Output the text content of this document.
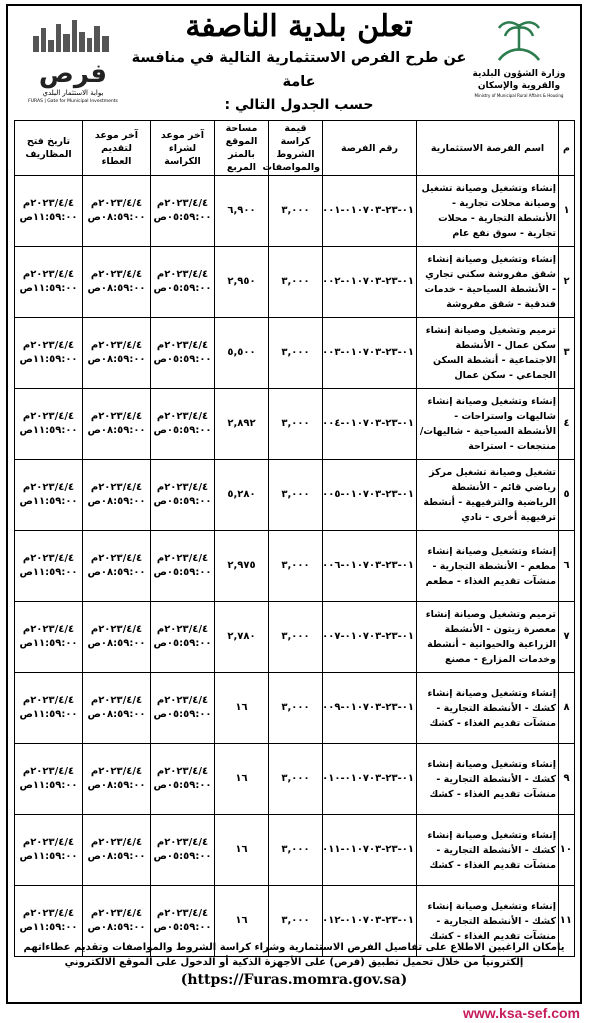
فرص
بوابة الاستثمار البلدي
FURAS | Gate for Municipal Investments
تعلن بلدية الناصفة
عن طرح الفرص الاستثمارية التالية في منافسة عامة
حسب الجدول التالي :
وزارة الشؤون البلدية والقروية والإسكان
Ministry of Municipal Rural Affairs & Housing
م	اسم الفرصة الاستثمارية	رقم الفرصة	قيمة كراسة الشروط والمواصفات	مساحة الموقع بالمتر المربع	آخر موعد لشراء الكراسة	آخر موعد لتقديم العطاء	تاريخ فتح المظاريف
١	إنشاء وتشغيل وصيانة تشغيل وصيانة محلات تجارية - الأنشطة التجارية - محلات تجارية - سوق نفع عام	٠١-٢٣-٠١٠٧٠٣-٠٠١	٣,٠٠٠	٦,٩٠٠	٢٠٢٣/٤/٤م ٠٥:٥٩:٠٠ص	٢٠٢٣/٤/٤م ٠٨:٥٩:٠٠ص	٢٠٢٣/٤/٤م ١١:٥٩:٠٠ص
٢	إنشاء وتشغيل وصيانة إنشاء شقق مفروشة سكني تجاري - الأنشطة السياحية - خدمات فندقية - شقق مفروشة	٠١-٢٣-٠١٠٧٠٣-٠٠٢	٣,٠٠٠	٢,٩٥٠	٢٠٢٣/٤/٤م ٠٥:٥٩:٠٠ص	٢٠٢٣/٤/٤م ٠٨:٥٩:٠٠ص	٢٠٢٣/٤/٤م ١١:٥٩:٠٠ص
٣	ترميم وتشغيل وصيانة إنشاء سكن عمال - الأنشطة الاجتماعية - أنشطة السكن الجماعي - سكن عمال	٠١-٢٣-٠١٠٧٠٣-٠٠٣	٣,٠٠٠	٥,٥٠٠	٢٠٢٣/٤/٤م ٠٥:٥٩:٠٠ص	٢٠٢٣/٤/٤م ٠٨:٥٩:٠٠ص	٢٠٢٣/٤/٤م ١١:٥٩:٠٠ص
٤	إنشاء وتشغيل وصيانة إنشاء شاليهات واستراحات - الأنشطة السياحية - شاليهات/ منتجعات - استراحة	٠١-٢٣-٠١٠٧٠٣-٠٠٤	٣,٠٠٠	٢,٨٩٢	٢٠٢٣/٤/٤م ٠٥:٥٩:٠٠ص	٢٠٢٣/٤/٤م ٠٨:٥٩:٠٠ص	٢٠٢٣/٤/٤م ١١:٥٩:٠٠ص
٥	تشغيل وصيانة تشغيل مركز رياضي قائم - الأنشطة الرياضية والترفيهية - أنشطة ترفيهية أخرى - نادي	٠١-٢٣-٠١٠٧٠٣-٠٠٥	٣,٠٠٠	٥,٢٨٠	٢٠٢٣/٤/٤م ٠٥:٥٩:٠٠ص	٢٠٢٣/٤/٤م ٠٨:٥٩:٠٠ص	٢٠٢٣/٤/٤م ١١:٥٩:٠٠ص
٦	إنشاء وتشغيل وصيانة إنشاء مطعم - الأنشطة التجارية - منشآت تقديم الغذاء - مطعم	٠١-٢٣-٠١٠٧٠٣-٠٠٦	٣,٠٠٠	٢,٩٧٥	٢٠٢٣/٤/٤م ٠٥:٥٩:٠٠ص	٢٠٢٣/٤/٤م ٠٨:٥٩:٠٠ص	٢٠٢٣/٤/٤م ١١:٥٩:٠٠ص
٧	ترميم وتشغيل وصيانة إنشاء معصرة زيتون - الأنشطة الزراعية والحيوانية - أنشطة وخدمات المزارع - مصنع	٠١-٢٣-٠١٠٧٠٣-٠٠٧	٣,٠٠٠	٢,٧٨٠	٢٠٢٣/٤/٤م ٠٥:٥٩:٠٠ص	٢٠٢٣/٤/٤م ٠٨:٥٩:٠٠ص	٢٠٢٣/٤/٤م ١١:٥٩:٠٠ص
٨	إنشاء وتشغيل وصيانة إنشاء كشك - الأنشطة التجارية - منشآت تقديم الغذاء - كشك	٠١-٢٣-٠١٠٧٠٣-٠٠٩	٣,٠٠٠	١٦	٢٠٢٣/٤/٤م ٠٥:٥٩:٠٠ص	٢٠٢٣/٤/٤م ٠٨:٥٩:٠٠ص	٢٠٢٣/٤/٤م ١١:٥٩:٠٠ص
٩	إنشاء وتشغيل وصيانة إنشاء كشك - الأنشطة التجارية - منشآت تقديم الغذاء - كشك	٠١-٢٣-٠١٠٧٠٣-٠١٠	٣,٠٠٠	١٦	٢٠٢٣/٤/٤م ٠٥:٥٩:٠٠ص	٢٠٢٣/٤/٤م ٠٨:٥٩:٠٠ص	٢٠٢٣/٤/٤م ١١:٥٩:٠٠ص
١٠	إنشاء وتشغيل وصيانة إنشاء كشك - الأنشطة التجارية - منشآت تقديم الغذاء - كشك	٠١-٢٣-٠١٠٧٠٣-٠١١	٣,٠٠٠	١٦	٢٠٢٣/٤/٤م ٠٥:٥٩:٠٠ص	٢٠٢٣/٤/٤م ٠٨:٥٩:٠٠ص	٢٠٢٣/٤/٤م ١١:٥٩:٠٠ص
١١	إنشاء وتشغيل وصيانة إنشاء كشك - الأنشطة التجارية - منشآت تقديم الغذاء - كشك	٠١-٢٣-٠١٠٧٠٣-٠١٢	٣,٠٠٠	١٦	٢٠٢٣/٤/٤م ٠٥:٥٩:٠٠ص	٢٠٢٣/٤/٤م ٠٨:٥٩:٠٠ص	٢٠٢٣/٤/٤م ١١:٥٩:٠٠ص
يامكان الراغبين الاطلاع على تفاصيل الفرص الاستثمارية وشراء كراسة الشروط والمواصفات وتقديم عطاءاتهم إلكترونياً من خلال تحميل تطبيق (فرص) على الأجهزة الذكية أو الدخول على الموقع الالكتروني
(https://Furas.momra.gov.sa)
www.ksa-sef.com
